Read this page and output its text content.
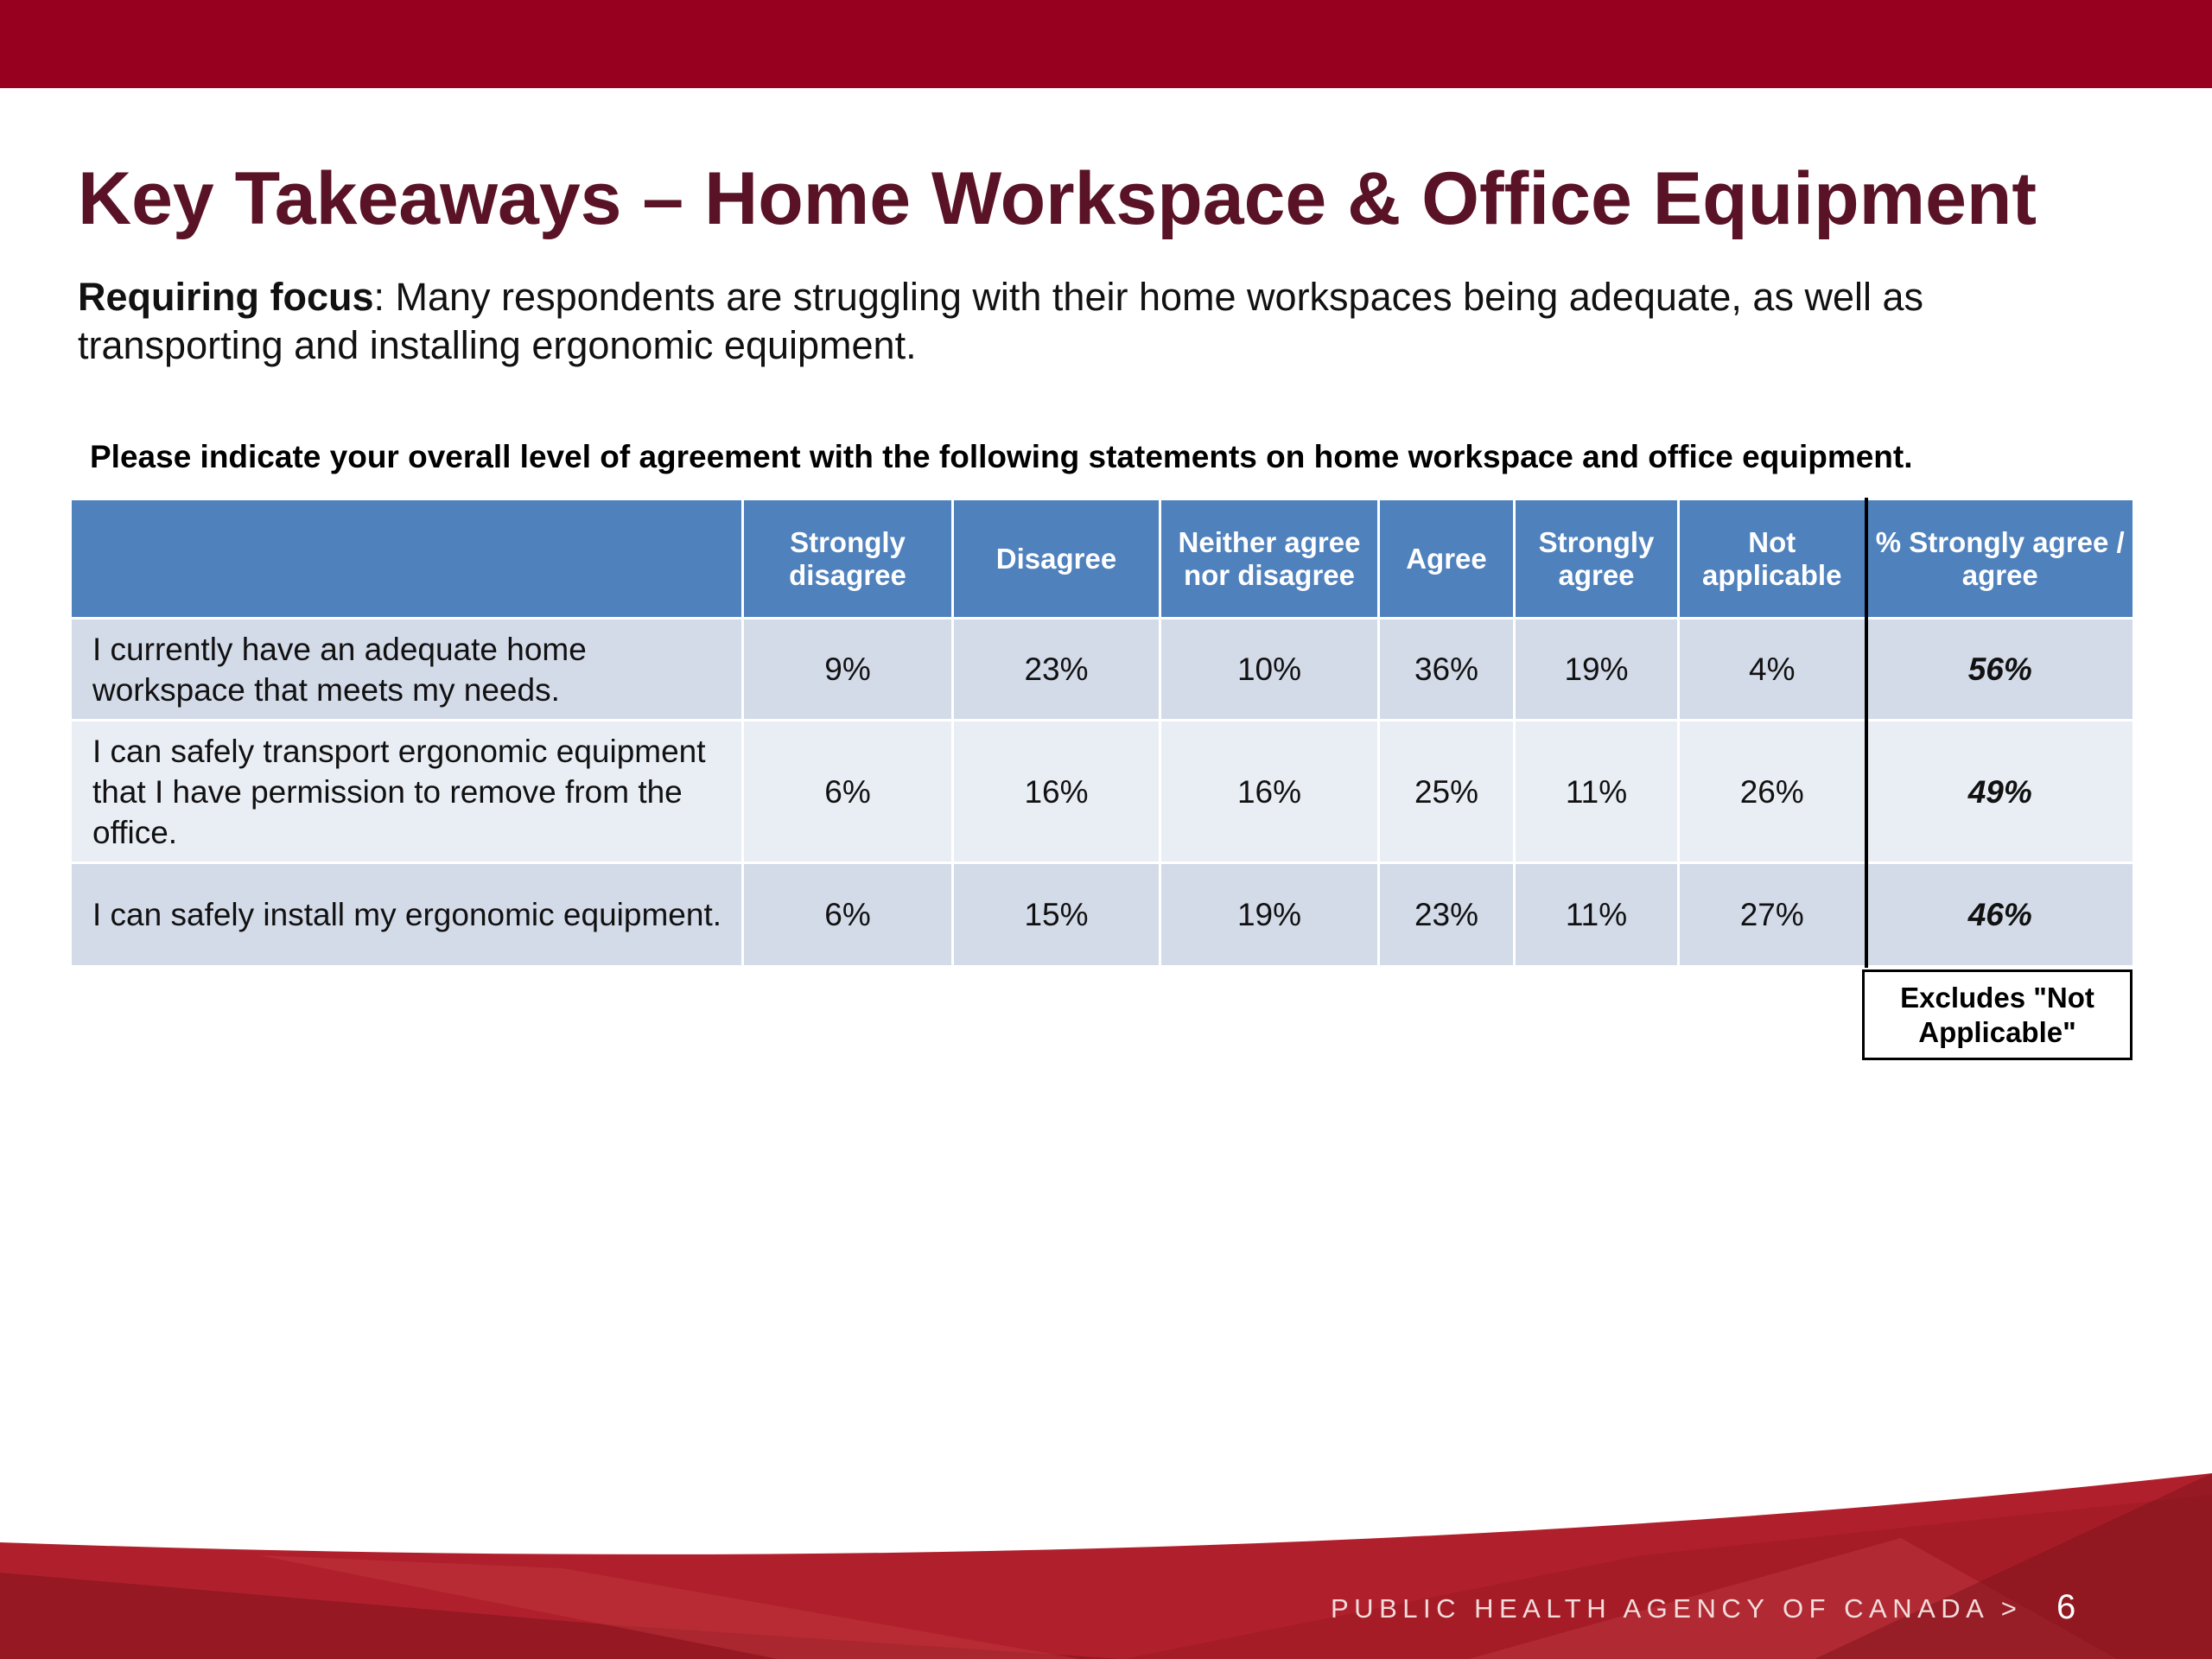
Key Takeaways – Home Workspace & Office Equipment

Requiring focus: Many respondents are struggling with their home workspaces being adequate, as well as transporting and installing ergonomic equipment.

Please indicate your overall level of agreement with the following statements on home workspace and office equipment.
	Strongly disagree	Disagree	Neither agree nor disagree	Agree	Strongly agree	Not applicable	% Strongly agree / agree
I currently have an adequate home workspace that meets my needs.	9%	23%	10%	36%	19%	4%	56%
I can safely transport ergonomic equipment that I have permission to remove from the office.	6%	16%	16%	25%	11%	26%	49%
I can safely install my ergonomic equipment.	6%	15%	19%	23%	11%	27%	46%
Excludes "Not Applicable"
PUBLIC HEALTH AGENCY OF CANADA > 6
